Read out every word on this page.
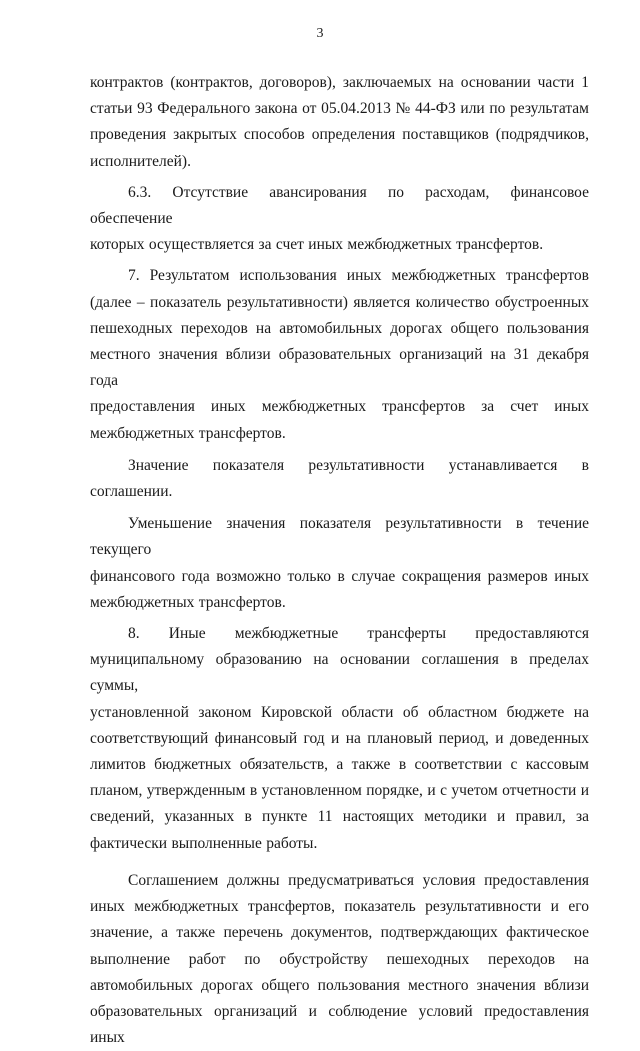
3
контрактов (контрактов, договоров), заключаемых на основании части 1
статьи 93 Федерального закона от 05.04.2013 № 44-ФЗ или по результатам
проведения закрытых способов определения поставщиков (подрядчиков,
исполнителей).
6.3. Отсутствие авансирования по расходам, финансовое обеспечение
которых осуществляется за счет иных межбюджетных трансфертов.
7. Результатом использования иных межбюджетных трансфертов
(далее – показатель результативности) является количество обустроенных
пешеходных переходов на автомобильных дорогах общего пользования
местного значения вблизи образовательных организаций на 31 декабря года
предоставления иных межбюджетных трансфертов за счет иных
межбюджетных трансфертов.
Значение показателя результативности устанавливается в соглашении.
Уменьшение значения показателя результативности в течение текущего
финансового года возможно только в случае сокращения размеров иных
межбюджетных трансфертов.
8. Иные межбюджетные трансферты предоставляются
муниципальному образованию на основании соглашения в пределах суммы,
установленной законом Кировской области об областном бюджете на
соответствующий финансовый год и на плановый период, и доведенных
лимитов бюджетных обязательств, а также в соответствии с кассовым
планом, утвержденным в установленном порядке, и с учетом отчетности и
сведений, указанных в пункте 11 настоящих методики и правил, за
фактически выполненные работы.
Соглашением должны предусматриваться условия предоставления
иных межбюджетных трансфертов, показатель результативности и его
значение, а также перечень документов, подтверждающих фактическое
выполнение работ по обустройству пешеходных переходов на
автомобильных дорогах общего пользования местного значения вблизи
образовательных организаций и соблюдение условий предоставления иных
